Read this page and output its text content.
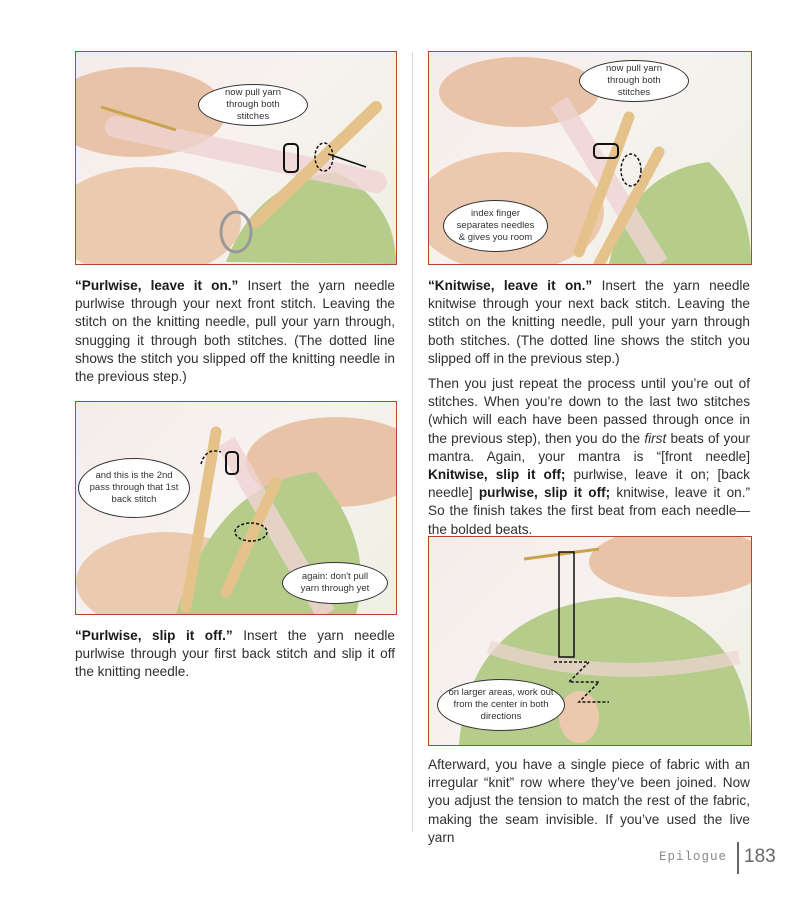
now pull yarn through both stitches
now pull yarn through both stitches
index finger separates needles & gives you room
and this is the 2nd pass through that 1st back stitch
again: don't pull yarn through yet
on larger areas, work out from the center in both directions

“Purlwise, leave it on.” Insert the yarn needle purlwise through your next front stitch. Leaving the stitch on the knitting needle, pull your yarn through, snugging it through both stitches. (The dotted line shows the stitch you slipped off the knitting needle in the previous step.)

“Purlwise, slip it off.” Insert the yarn needle purlwise through your first back stitch and slip it off the knitting needle.

“Knitwise, leave it on.” Insert the yarn needle knitwise through your next back stitch. Leaving the stitch on the knitting needle, pull your yarn through both stitches. (The dotted line shows the stitch you slipped off in the previous step.)

Then you just repeat the process until you’re out of stitches. When you’re down to the last two stitches (which will each have been passed through once in the previous step), then you do the first beats of your mantra. Again, your mantra is “[front needle] Knitwise, slip it off; purlwise, leave it on; [back needle] purlwise, slip it off; knitwise, leave it on.” So the finish takes the first beat from each needle—the bolded beats.

Afterward, you have a single piece of fabric with an irregular “knit” row where they’ve been joined. Now you adjust the tension to match the rest of the fabric, making the seam invisible. If you’ve used the live yarn

Epilogue 183
